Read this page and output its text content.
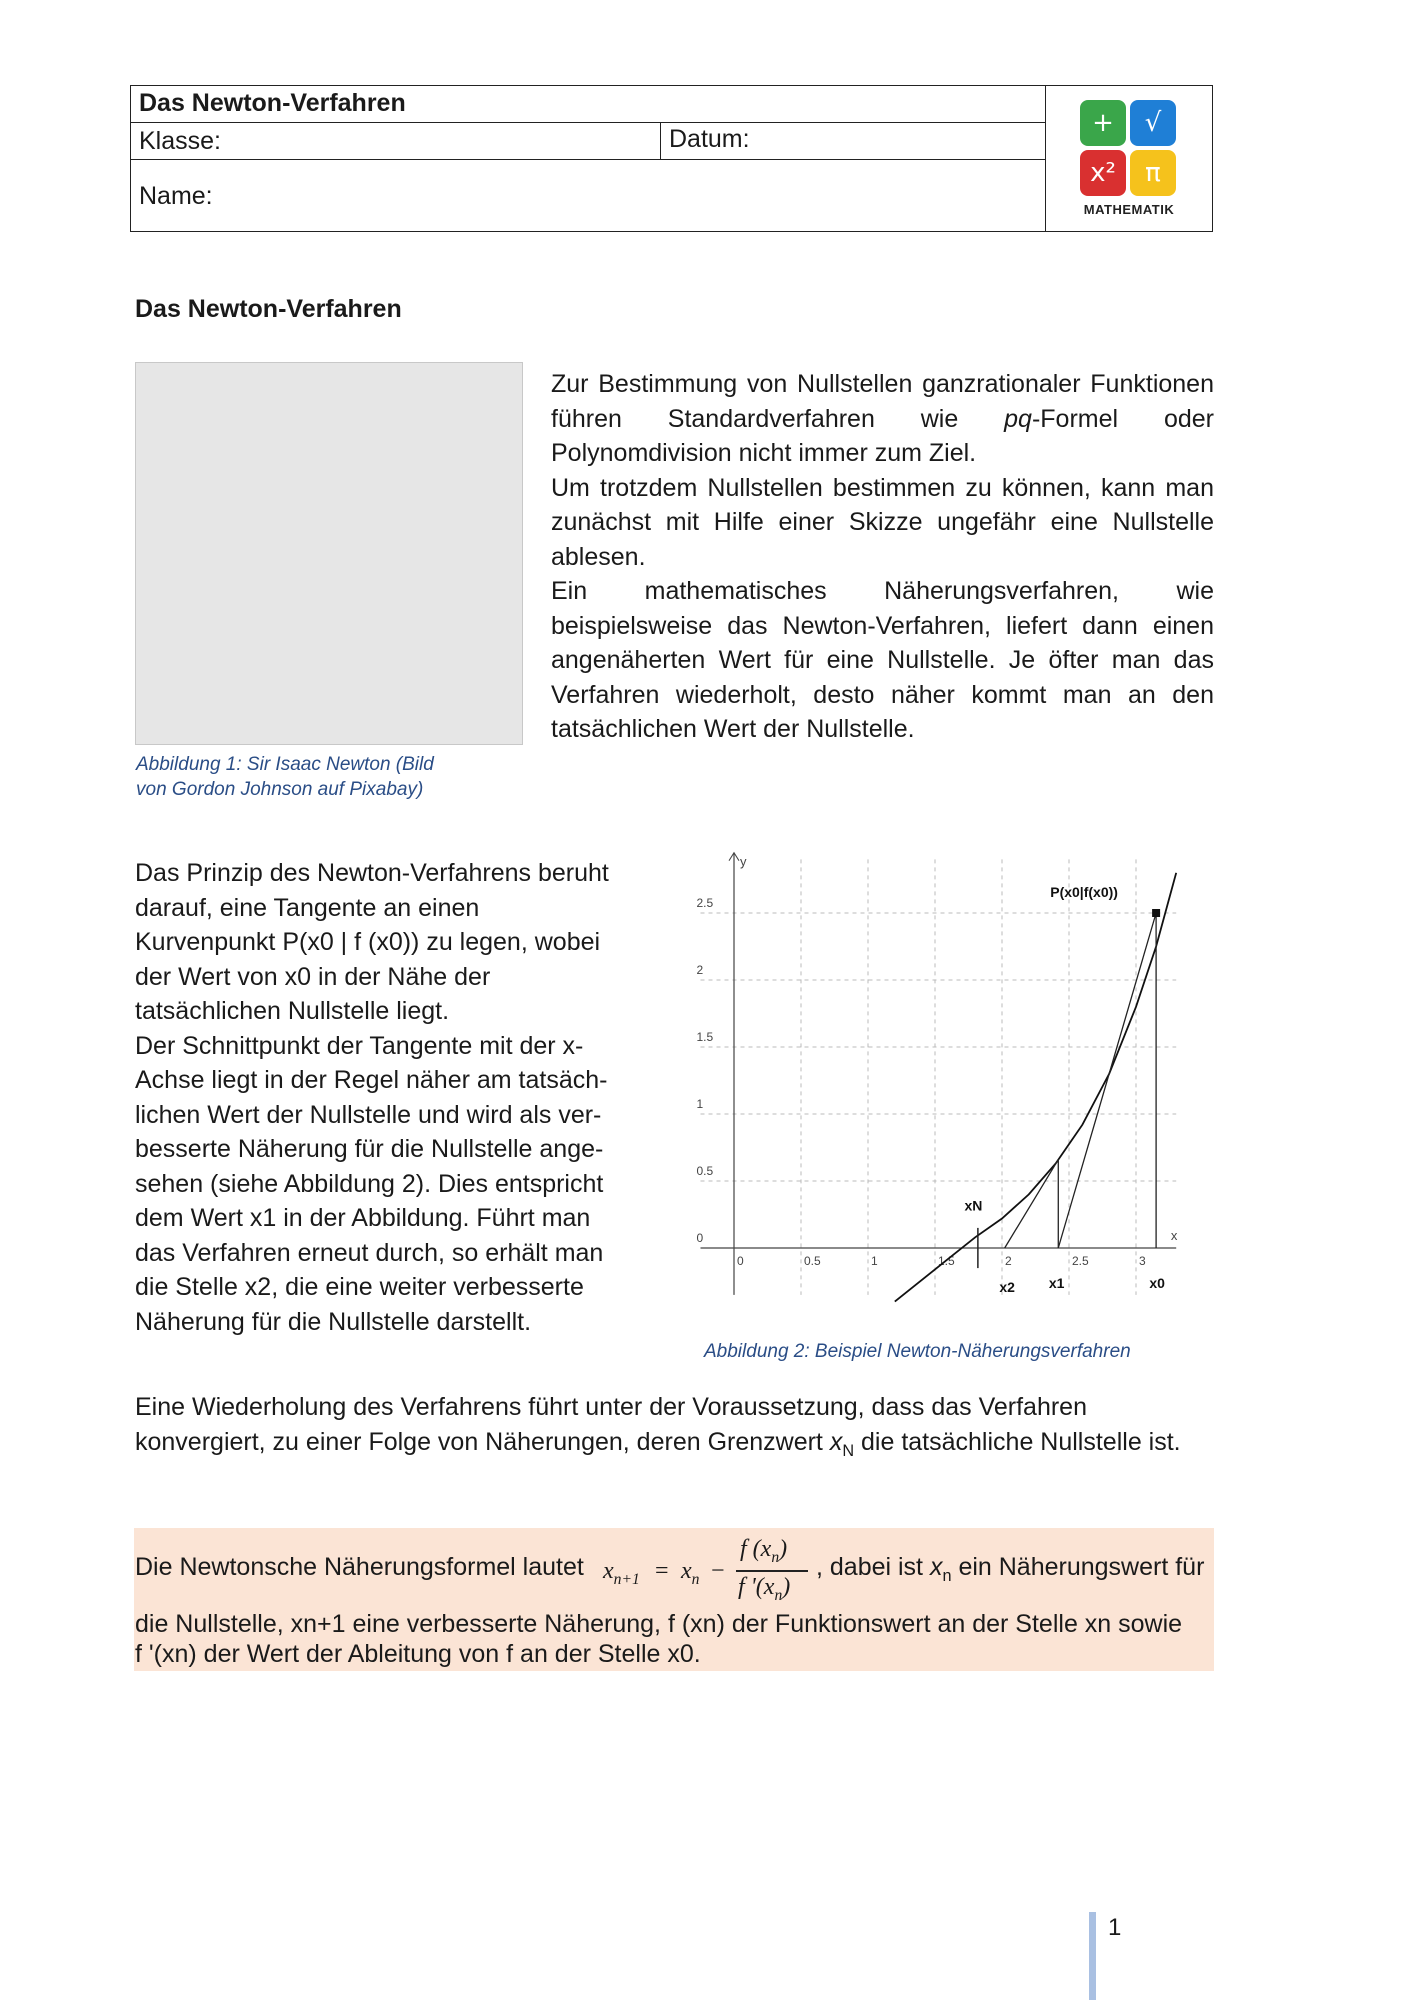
Das Newton-Verfahren
Klasse:	Datum:
Name:
+	√
x²	π
MATHEMATIK
Das Newton-Verfahren
Abbildung 1: Sir Isaac Newton (Bild
von Gordon Johnson auf Pixabay)
Zur Bestimmung von Nullstellen ganzrationaler Funktionen führen Standardverfahren wie pq-Formel oder Polynomdivision nicht immer zum Ziel.
Um trotzdem Nullstellen bestimmen zu können, kann man zunächst mit Hilfe einer Skizze ungefähr eine Nullstelle ablesen.
Ein mathematisches Näherungsverfahren, wie beispielsweise das Newton-Verfahren, liefert dann einen angenäherten Wert für eine Nullstelle. Je öfter man das Verfahren wiederholt, desto näher kommt man an den tatsächlichen Wert der Nullstelle.
Das Prinzip des Newton-Verfahrens beruht
darauf, eine Tangente an einen
Kurvenpunkt P(x0 | f (x0)) zu legen, wobei
der Wert von x0 in der Nähe der
tatsächlichen Nullstelle liegt.
Der Schnittpunkt der Tangente mit der x-
Achse liegt in der Regel näher am tatsäch-
lichen Wert der Nullstelle und wird als ver-
besserte Näherung für die Nullstelle ange-
sehen (siehe Abbildung 2). Dies entspricht
dem Wert x1 in der Abbildung. Führt man
das Verfahren erneut durch, so erhält man
die Stelle x2, die eine weiter verbesserte
Näherung für die Nullstelle darstellt.
y
x
2.5
2
1.5
1
0.5
0
0	0.5	1	1.5	2	2.5	3
P(x0|f(x0))
xN
x2 x1	x0
Abbildung 2: Beispiel Newton-Näherungsverfahren
Eine Wiederholung des Verfahrens führt unter der Voraussetzung, dass das Verfahren konvergiert, zu einer Folge von Näherungen, deren Grenzwert $x_N$ die tatsächliche Nullstelle ist.
Die Newtonsche Näherungsformel lautet $x_{n+1} = x_n$ −
f $(x_n)$
f '$(x_n)$
, dabei ist $x_n$ ein Näherungswert für
die Nullstelle, xn+1 eine verbesserte Näherung, f (xn) der Funktionswert an der Stelle xn sowie
f '(xn) der Wert der Ableitung von f an der Stelle x0.
1
